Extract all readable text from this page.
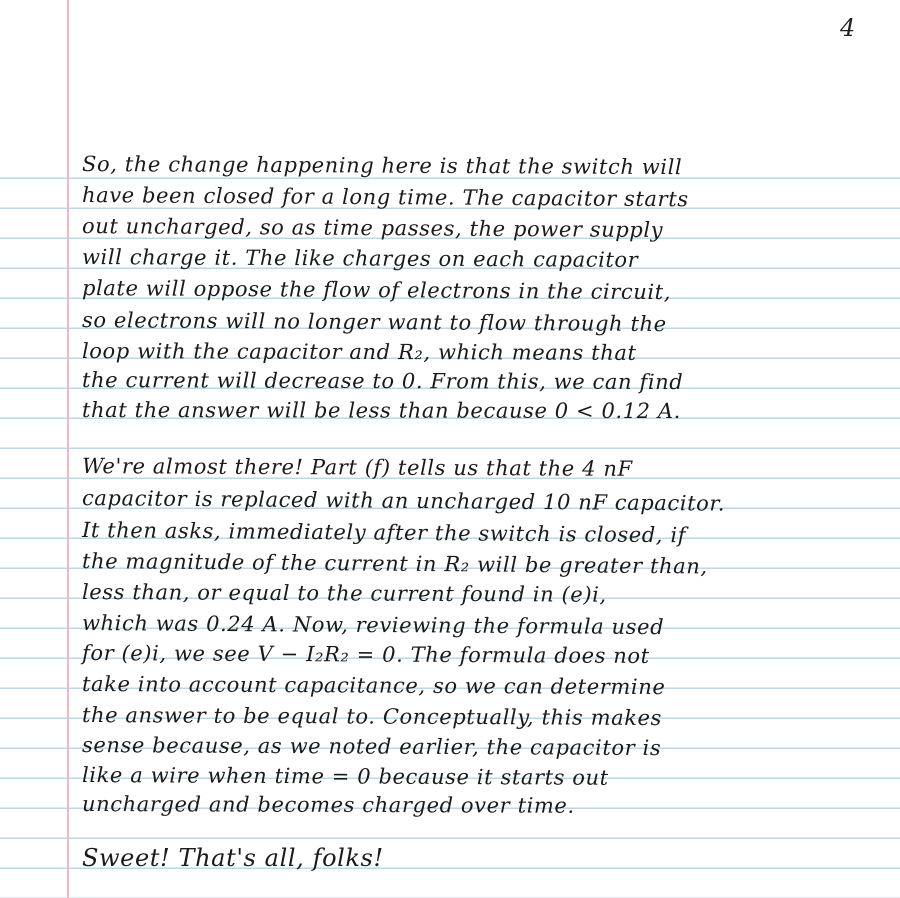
4
So, the change happening here is that the switch will
have been closed for a long time. The capacitor starts
out uncharged, so as time passes, the power supply
will charge it. The like charges on each capacitor
plate will oppose the flow of electrons in the circuit,
so electrons will no longer want to flow through the
loop with the capacitor and R₂, which means that
the current will decrease to 0. From this, we can find
that the answer will be less than because 0 < 0.12 A.
We're almost there! Part (f) tells us that the 4 nF
capacitor is replaced with an uncharged 10 nF capacitor.
It then asks, immediately after the switch is closed, if
the magnitude of the current in R₂ will be greater than,
less than, or equal to the current found in (e)i,
which was 0.24 A. Now, reviewing the formula used
for (e)i, we see V − I₂R₂ = 0. The formula does not
take into account capacitance, so we can determine
the answer to be equal to. Conceptually, this makes
sense because, as we noted earlier, the capacitor is
like a wire when time = 0 because it starts out
uncharged and becomes charged over time.
Sweet! That's all, folks!
